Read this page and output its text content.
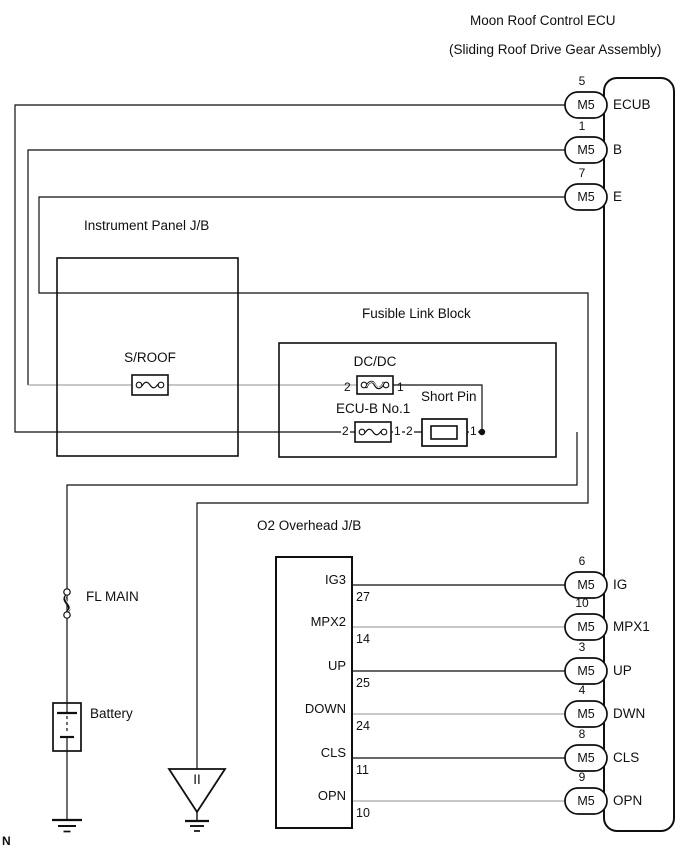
Moon Roof Control ECU
(Sliding Roof Drive Gear Assembly)
Instrument Panel J/B
Fusible Link Block
O2 Overhead J/B
S/ROOF	DC/DC
ECU-B No.1
Short Pin
2	1
2	1 2	1
FL MAIN
Battery
II
N
IG3
27
MPX2
14
UP
25
DOWN
24
CLS
11
OPN
10
5
M5	ECUB
1
M5	B
7
M5	E
6
M5	IG
10
M5	MPX1
3
M5	UP
4
M5	DWN
8
M5	CLS
9
M5	OPN
